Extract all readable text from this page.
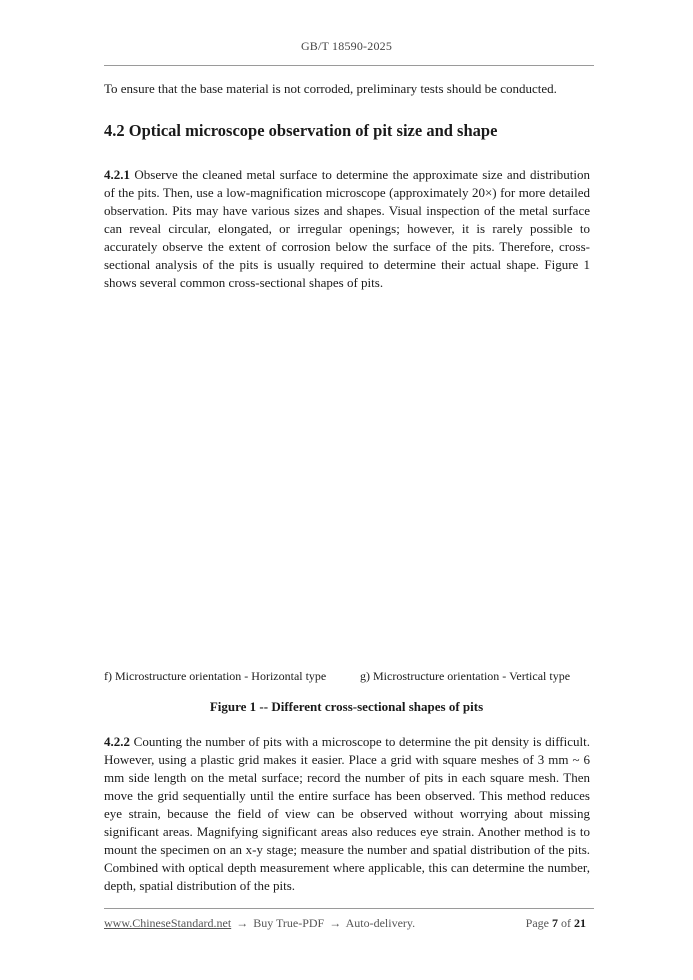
GB/T 18590-2025
To ensure that the base material is not corroded, preliminary tests should be conducted.
4.2 Optical microscope observation of pit size and shape
4.2.1 Observe the cleaned metal surface to determine the approximate size and distribution of the pits. Then, use a low-magnification microscope (approximately 20×) for more detailed observation. Pits may have various sizes and shapes. Visual inspection of the metal surface can reveal circular, elongated, or irregular openings; however, it is rarely possible to accurately observe the extent of corrosion below the surface of the pits. Therefore, cross-sectional analysis of the pits is usually required to determine their actual shape. Figure 1 shows several common cross-sectional shapes of pits.
f) Microstructure orientation - Horizontal type	g) Microstructure orientation - Vertical type
Figure 1 -- Different cross-sectional shapes of pits
4.2.2 Counting the number of pits with a microscope to determine the pit density is difficult. However, using a plastic grid makes it easier. Place a grid with square meshes of 3 mm ~ 6 mm side length on the metal surface; record the number of pits in each square mesh. Then move the grid sequentially until the entire surface has been observed. This method reduces eye strain, because the field of view can be observed without worrying about missing significant areas. Magnifying significant areas also reduces eye strain. Another method is to mount the specimen on an x-y stage; measure the number and spatial distribution of the pits. Combined with optical depth measurement where applicable, this can determine the number, depth, spatial distribution of the pits.
www.ChineseStandard.net → Buy True-PDF → Auto-delivery.	Page 7 of 21
